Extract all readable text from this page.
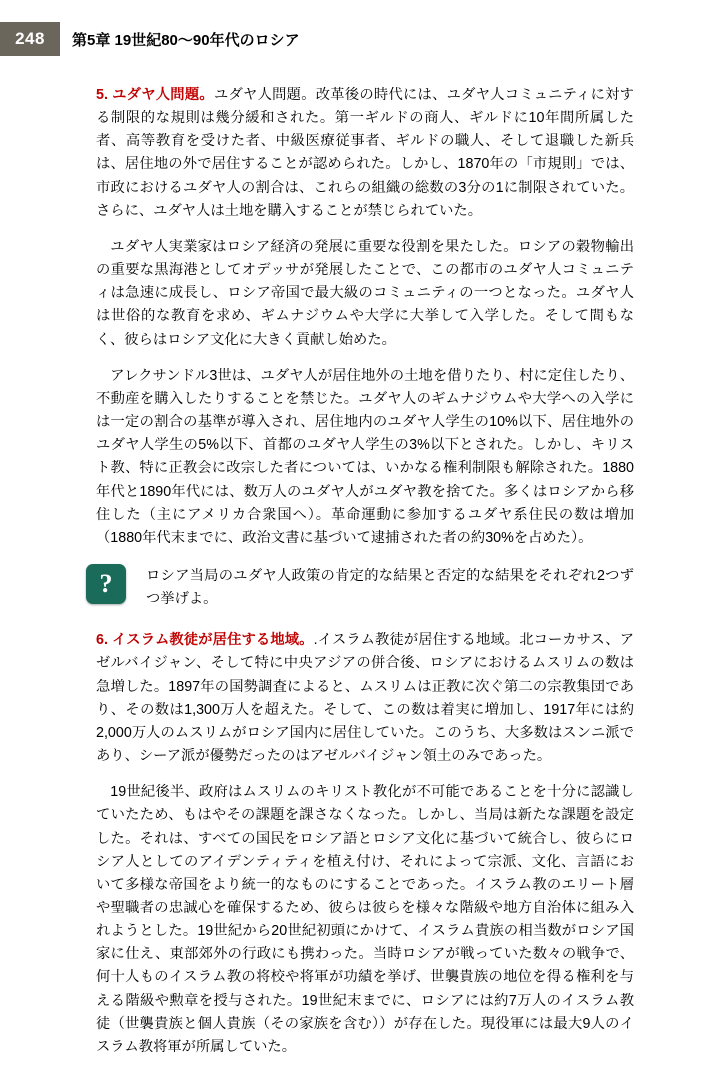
248	第5章 19世紀80〜90年代のロシア

5. ユダヤ人問題。ユダヤ人問題。改革後の時代には、ユダヤ人コミュニティに対する制限的な規則は幾分緩和された。第一ギルドの商人、ギルドに10年間所属した者、高等教育を受けた者、中級医療従事者、ギルドの職人、そして退職した新兵は、居住地の外で居住することが認められた。しかし、1870年の「市規則」では、市政におけるユダヤ人の割合は、これらの組織の総数の3分の1に制限されていた。さらに、ユダヤ人は土地を購入することが禁じられていた。

ユダヤ人実業家はロシア経済の発展に重要な役割を果たした。ロシアの穀物輸出の重要な黒海港としてオデッサが発展したことで、この都市のユダヤ人コミュニティは急速に成長し、ロシア帝国で最大級のコミュニティの一つとなった。ユダヤ人は世俗的な教育を求め、ギムナジウムや大学に大挙して入学した。そして間もなく、彼らはロシア文化に大きく貢献し始めた。

アレクサンドル3世は、ユダヤ人が居住地外の土地を借りたり、村に定住したり、不動産を購入したりすることを禁じた。ユダヤ人のギムナジウムや大学への入学には一定の割合の基準が導入され、居住地内のユダヤ人学生の10%以下、居住地外のユダヤ人学生の5%以下、首都のユダヤ人学生の3%以下とされた。しかし、キリスト教、特に正教会に改宗した者については、いかなる権利制限も解除された。1880年代と1890年代には、数万人のユダヤ人がユダヤ教を捨てた。多くはロシアから移住した（主にアメリカ合衆国へ）。革命運動に参加するユダヤ系住民の数は増加（1880年代末までに、政治文書に基づいて逮捕された者の約30%を占めた）。

? ロシア当局のユダヤ人政策の肯定的な結果と否定的な結果をそれぞれ2つずつ挙げよ。

6. イスラム教徒が居住する地域。.イスラム教徒が居住する地域。北コーカサス、アゼルバイジャン、そして特に中央アジアの併合後、ロシアにおけるムスリムの数は急増した。1897年の国勢調査によると、ムスリムは正教に次ぐ第二の宗教集団であり、その数は1,300万人を超えた。そして、この数は着実に増加し、1917年には約2,000万人のムスリムがロシア国内に居住していた。このうち、大多数はスンニ派であり、シーア派が優勢だったのはアゼルバイジャン領土のみであった。

19世紀後半、政府はムスリムのキリスト教化が不可能であることを十分に認識していたため、もはやその課題を課さなくなった。しかし、当局は新たな課題を設定した。それは、すべての国民をロシア語とロシア文化に基づいて統合し、彼らにロシア人としてのアイデンティティを植え付け、それによって宗派、文化、言語において多様な帝国をより統一的なものにすることであった。イスラム教のエリート層や聖職者の忠誠心を確保するため、彼らは彼らを様々な階級や地方自治体に組み入れようとした。19世紀から20世紀初頭にかけて、イスラム貴族の相当数がロシア国家に仕え、東部郊外の行政にも携わった。当時ロシアが戦っていた数々の戦争で、何十人ものイスラム教の将校や将軍が功績を挙げ、世襲貴族の地位を得る権利を与える階級や勲章を授与された。19世紀末までに、ロシアには約7万人のイスラム教徒（世襲貴族と個人貴族（その家族を含む））が存在した。現役軍には最大9人のイスラム教将軍が所属していた。
